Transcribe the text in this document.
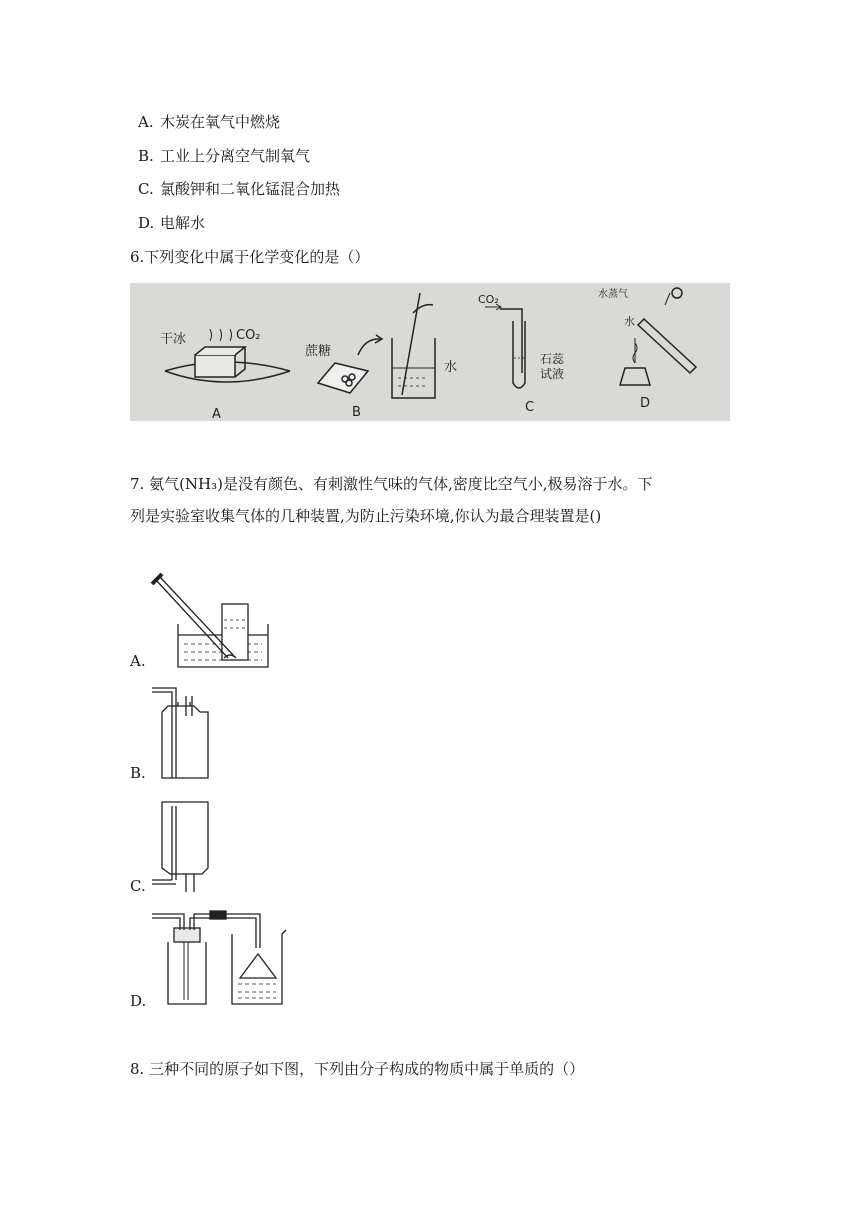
A. 木炭在氧气中燃烧
B. 工业上分离空气制氧气
C. 氯酸钾和二氧化锰混合加热
D. 电解水
6.下列变化中属于化学变化的是（）
干冰	CO₂
A
蔗糖
水
B
CO₂
石蕊
试液
C
水蒸气
水
D
7. 氨气(NH₃)是没有颜色、有刺激性气味的气体,密度比空气小,极易溶于水。下
列是实验室收集气体的几种装置,为防止污染环境,你认为最合理装置是()
A.
B.
C.
D.
8. 三种不同的原子如下图，下列由分子构成的物质中属于单质的（）
